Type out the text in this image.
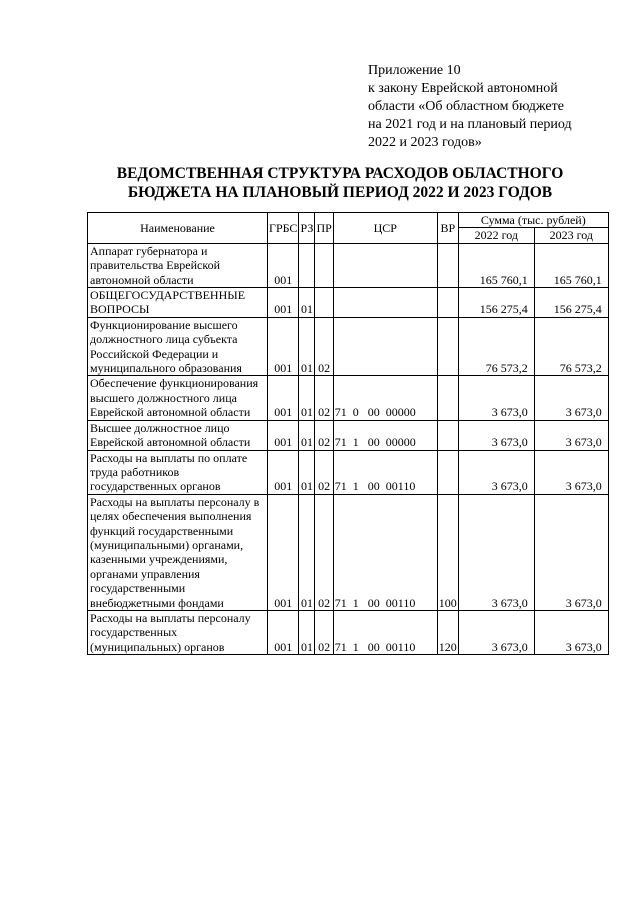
Приложение 10
к закону Еврейской автономной
области «Об областном бюджете
на 2021 год и на плановый период
2022 и 2023 годов»
ВЕДОМСТВЕННАЯ СТРУКТУРА РАСХОДОВ ОБЛАСТНОГО
БЮДЖЕТА НА ПЛАНОВЫЙ ПЕРИОД 2022 И 2023 ГОДОВ
Наименование	ГРБС	РЗ	ПР	ЦСР	ВР	Сумма (тыс. рублей)	
						2022 год	2023 год
Аппарат губернатора и правительства Еврейской автономной области	001					165 760,1	165 760,1
ОБЩЕГОСУДАРСТВЕННЫЕ ВОПРОСЫ	001	01				156 275,4	156 275,4
Функционирование высшего должностного лица субъекта Российской Федерации и муниципального образования	001	01	02			76 573,2	76 573,2
Обеспечение функционирования высшего должностного лица Еврейской автономной области	001	01	02	71  0   00  00000		3 673,0	3 673,0
Высшее должностное лицо Еврейской автономной области	001	01	02	71  1   00  00000		3 673,0	3 673,0
Расходы на выплаты по оплате труда работников государственных органов	001	01	02	71  1   00  00110		3 673,0	3 673,0
Расходы на выплаты персоналу в целях обеспечения выполнения функций государственными (муниципальными) органами, казенными учреждениями, органами управления государственными внебюджетными фондами	001	01	02	71  1   00  00110	100	3 673,0	3 673,0
Расходы на выплаты персоналу государственных (муниципальных) органов	001	01	02	71  1   00  00110	120	3 673,0	3 673,0
